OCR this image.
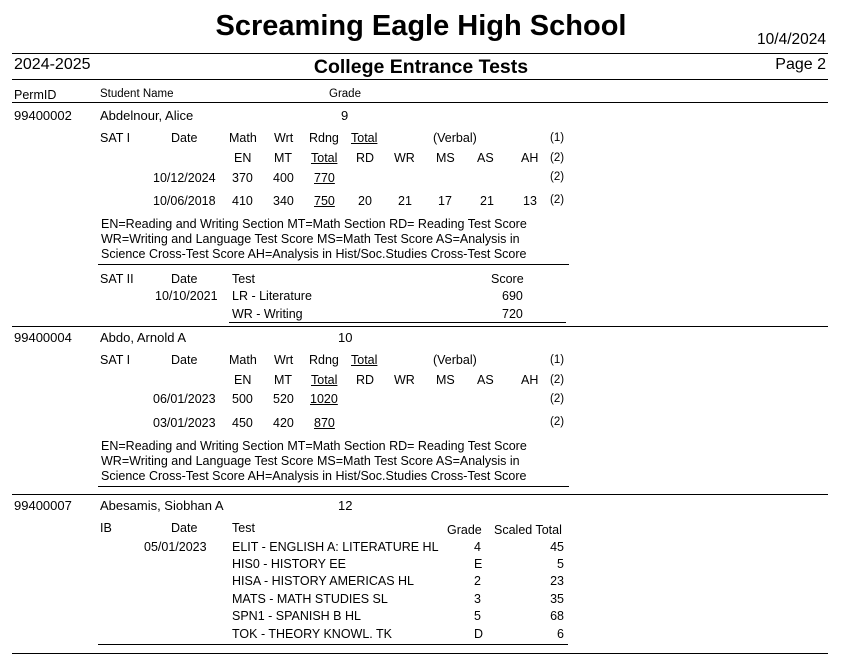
Screaming Eagle High School	10/4/2024
2024-2025	College Entrance Tests	Page 2
PermID	Student Name	Grade
99400002 Abdelnour, Alice	9
SAT I	Date	Math Wrt Rdng Total	(Verbal)	(1)
EN MT Total RD WR MS AS AH (2)
10/12/2024 370 400 770	(2)
10/06/2018 410 340 750 20 21 17 21 13 (2)
EN=Reading and Writing Section MT=Math Section RD= Reading Test Score
WR=Writing and Language Test Score MS=Math Test Score AS=Analysis in
Science Cross-Test Score AH=Analysis in Hist/Soc.Studies Cross-Test Score
SAT II	Date	Test	Score
10/10/2021 LR - Literature	690
WR - Writing	720
99400004 Abdo, Arnold A	10
SAT I	Date	Math Wrt Rdng Total	(Verbal)	(1)
EN MT Total RD WR MS AS AH (2)
06/01/2023 500 520 1020	(2)
03/01/2023 450 420 870	(2)
EN=Reading and Writing Section MT=Math Section RD= Reading Test Score
WR=Writing and Language Test Score MS=Math Test Score AS=Analysis in
Science Cross-Test Score AH=Analysis in Hist/Soc.Studies Cross-Test Score
99400007 Abesamis, Siobhan A	12
IB	Date	Test	Grade Scaled Total
05/01/2023 ELIT - ENGLISH A: LITERATURE HL	4	45
HIS0 - HISTORY EE	E	5
HISA - HISTORY AMERICAS HL	2	23
MATS - MATH STUDIES SL	3	35
SPN1 - SPANISH B HL	5	68
TOK - THEORY KNOWL. TK	D	6
